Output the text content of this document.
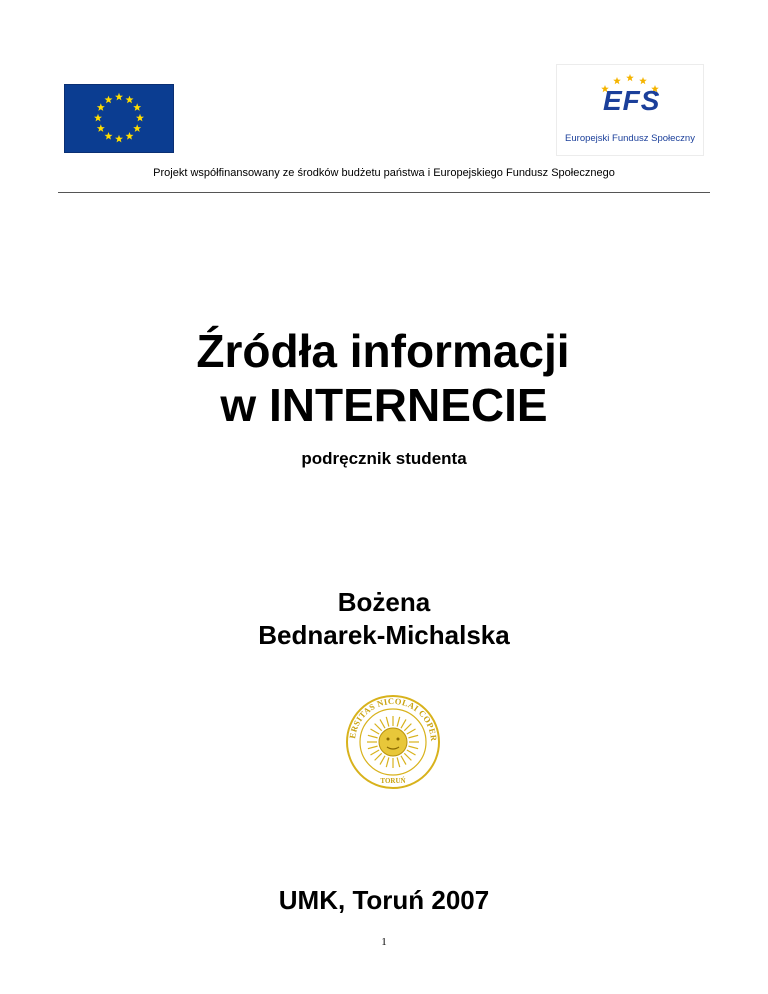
EFS
Europejski Fundusz Społeczny
Projekt współfinansowany ze środków budżetu państwa i Europejskiego Fundusz Społecznego
Źródła informacji
w INTERNECIE
podręcznik studenta
Bożena
Bednarek-Michalska
ERSITAS NICOLAI COPER
TORUŃ
UMK, Toruń 2007
1
